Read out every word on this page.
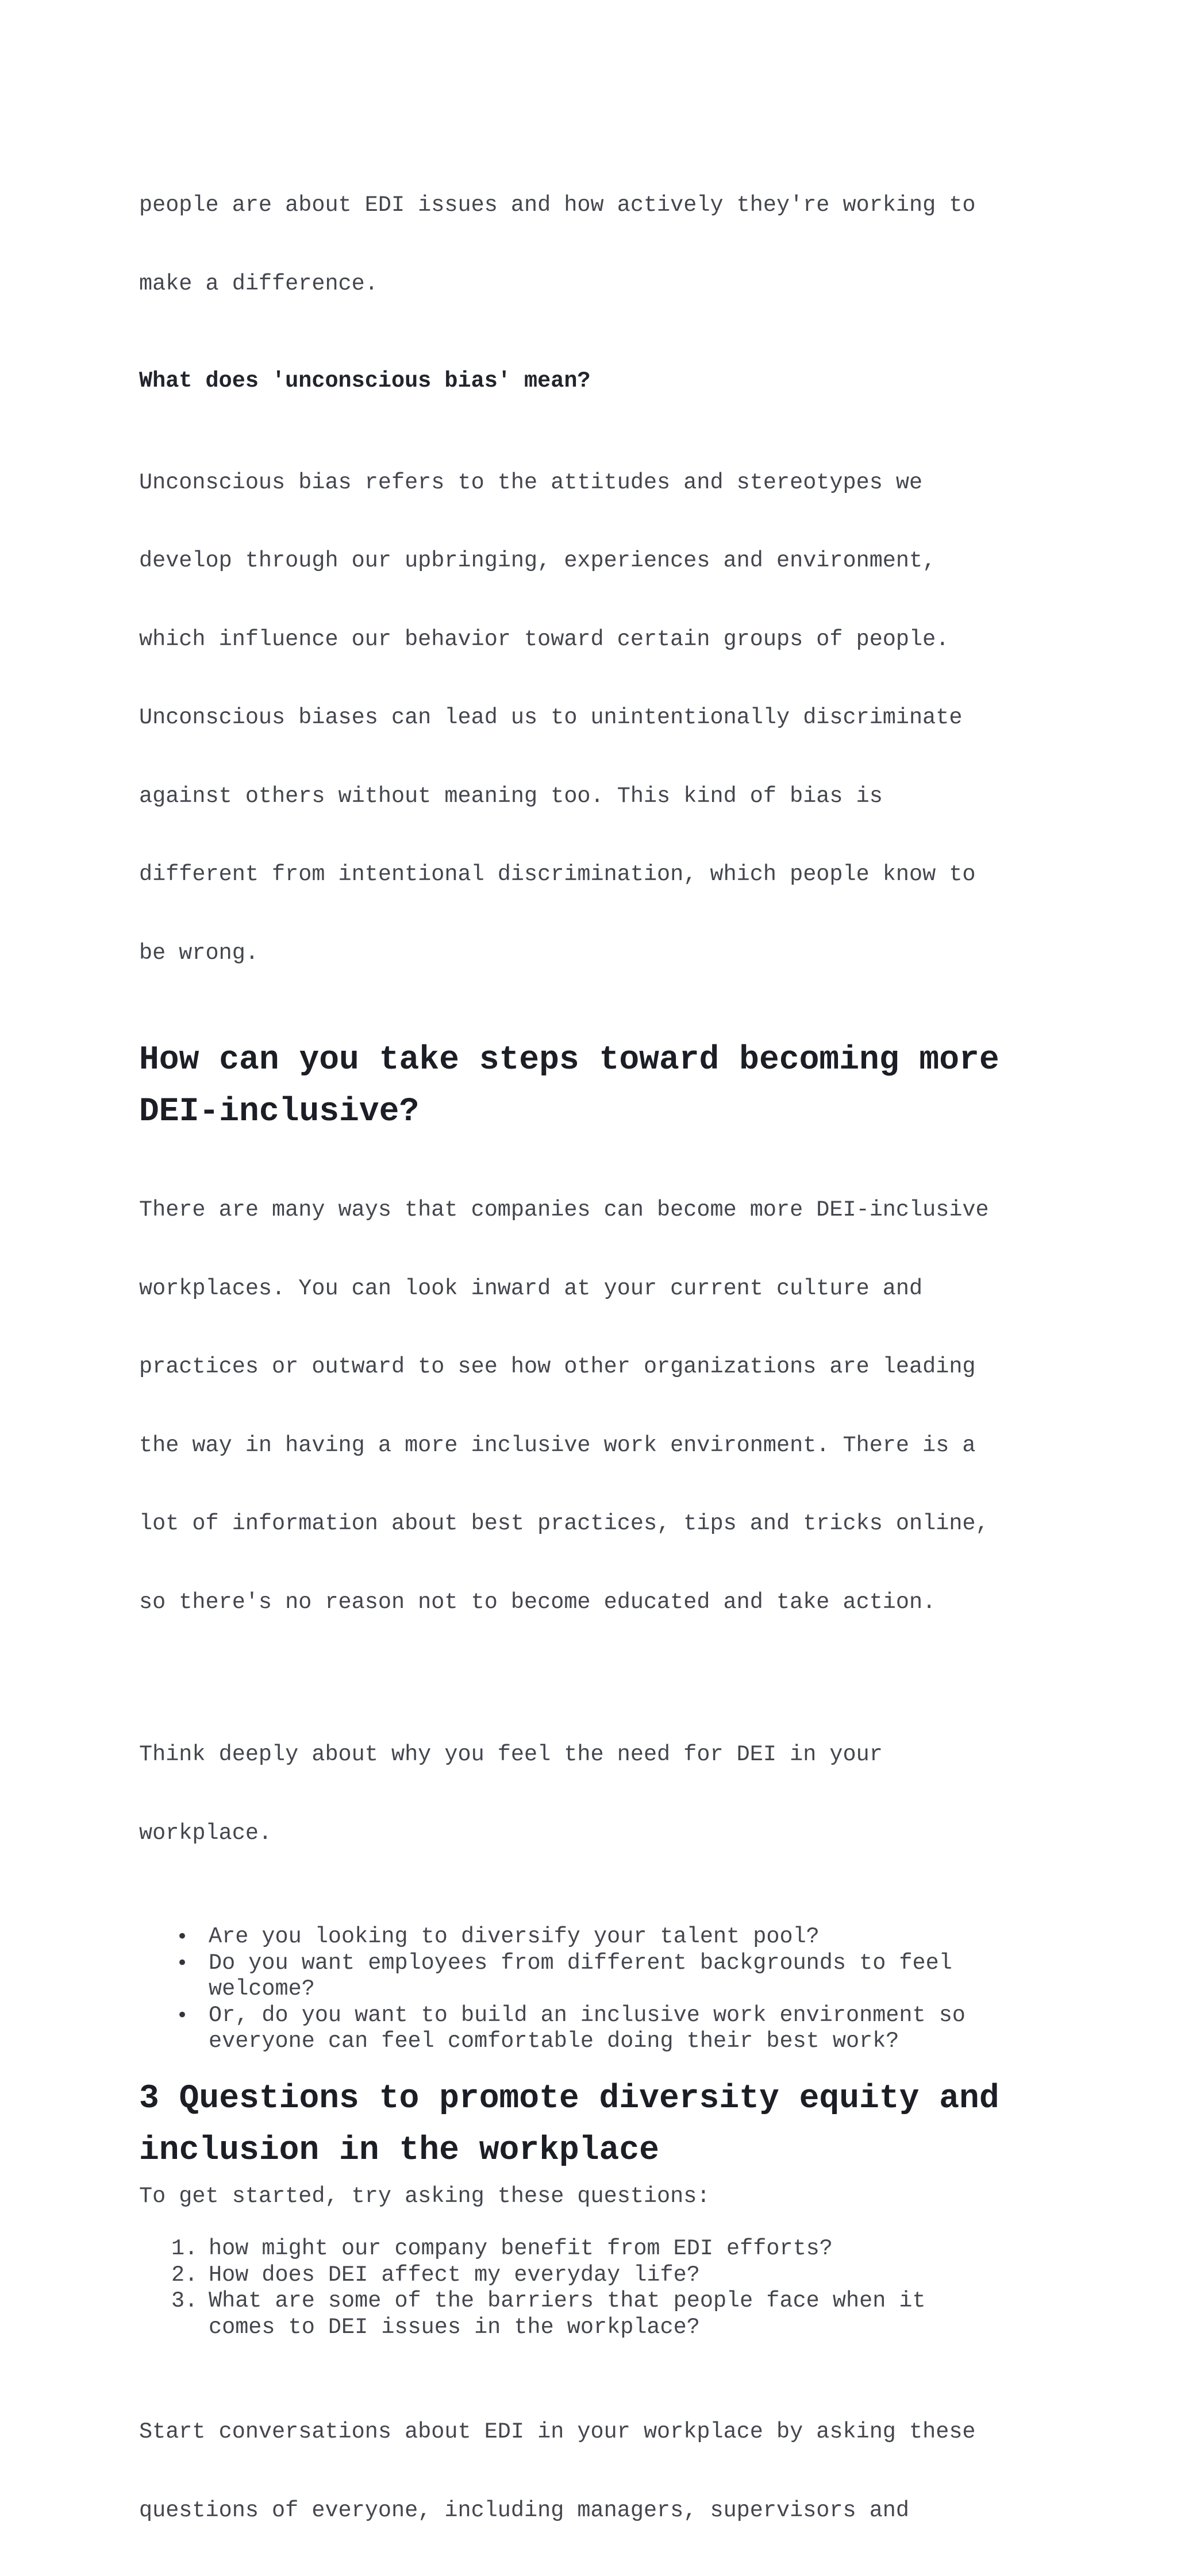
people are about EDI issues and how actively they're working to

make a difference.

What does 'unconscious bias' mean?

Unconscious bias refers to the attitudes and stereotypes we

develop through our upbringing, experiences and environment,

which influence our behavior toward certain groups of people.

Unconscious biases can lead us to unintentionally discriminate

against others without meaning too. This kind of bias is

different from intentional discrimination, which people know to

be wrong.

How can you take steps toward becoming more
DEI-inclusive?

There are many ways that companies can become more DEI-inclusive

workplaces. You can look inward at your current culture and

practices or outward to see how other organizations are leading

the way in having a more inclusive work environment. There is a

lot of information about best practices, tips and tricks online,

so there's no reason not to become educated and take action.

Think deeply about why you feel the need for DEI in your

workplace.

• Are you looking to diversify your talent pool?
• Do you want employees from different backgrounds to feel
welcome?
• Or, do you want to build an inclusive work environment so
everyone can feel comfortable doing their best work?
3 Questions to promote diversity equity and
inclusion in the workplace

To get started, try asking these questions:

1. how might our company benefit from EDI efforts?
2. How does DEI affect my everyday life?
3. What are some of the barriers that people face when it
comes to DEI issues in the workplace?

Start conversations about EDI in your workplace by asking these

questions of everyone, including managers, supervisors and
